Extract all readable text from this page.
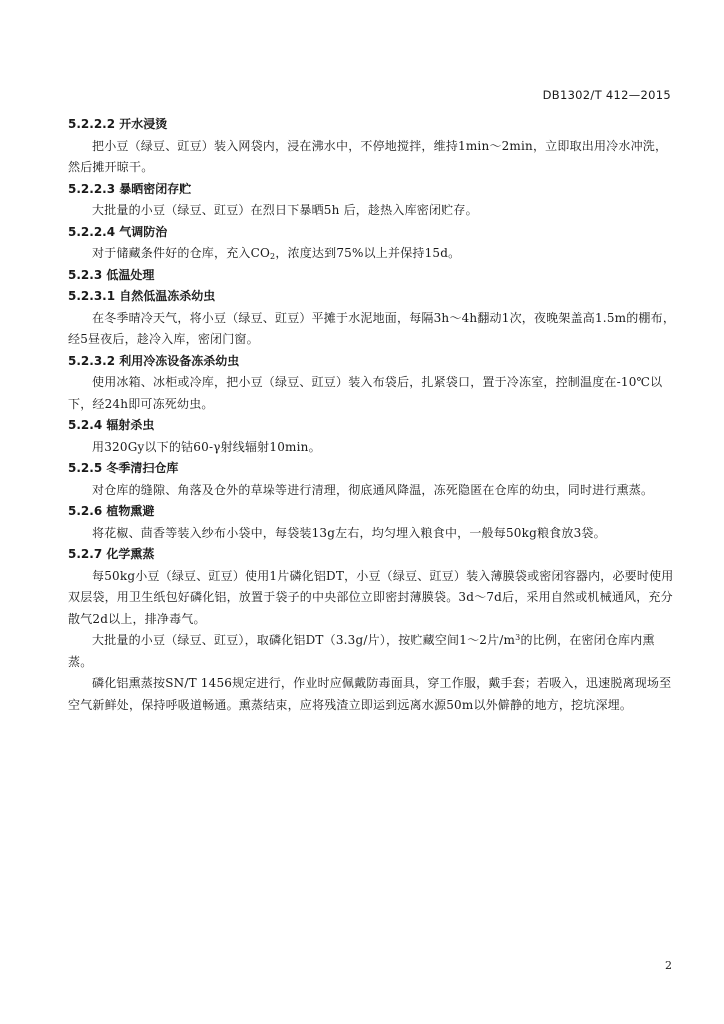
DB1302/T 412—2015

5.2.2.2 开水浸烫

把小豆（绿豆、豇豆）装入网袋内，浸在沸水中，不停地搅拌，维持1min～2min，立即取出用冷水冲洗，然后摊开晾干。

5.2.2.3 暴晒密闭存贮

大批量的小豆（绿豆、豇豆）在烈日下暴晒5h 后，趁热入库密闭贮存。

5.2.2.4 气调防治

对于储藏条件好的仓库，充入$CO_2$，浓度达到75%以上并保持15d。

5.2.3 低温处理

5.2.3.1 自然低温冻杀幼虫

在冬季晴冷天气，将小豆（绿豆、豇豆）平摊于水泥地面，每隔3h～4h翻动1次，夜晚架盖高1.5m的棚布，经5昼夜后，趁冷入库，密闭门窗。

5.2.3.2 利用冷冻设备冻杀幼虫

使用冰箱、冰柜或冷库，把小豆（绿豆、豇豆）装入布袋后，扎紧袋口，置于冷冻室，控制温度在-10℃以下，经24h即可冻死幼虫。

5.2.4 辐射杀虫

用320Gy以下的钴60-γ射线辐射10min。

5.2.5 冬季清扫仓库

对仓库的缝隙、角落及仓外的草垛等进行清理，彻底通风降温，冻死隐匿在仓库的幼虫，同时进行熏蒸。

5.2.6 植物熏避

将花椒、茴香等装入纱布小袋中，每袋装13g左右，均匀埋入粮食中，一般每50kg粮食放3袋。

5.2.7 化学熏蒸

每50kg小豆（绿豆、豇豆）使用1片磷化铝DT，小豆（绿豆、豇豆）装入薄膜袋或密闭容器内，必要时使用双层袋，用卫生纸包好磷化铝，放置于袋子的中央部位立即密封薄膜袋。3d～7d后，采用自然或机械通风，充分散气2d以上，排净毒气。

大批量的小豆（绿豆、豇豆），取磷化铝DT（3.3g/片），按贮藏空间1～2片$/m^3$的比例，在密闭仓库内熏蒸。

磷化铝熏蒸按SN/T 1456规定进行，作业时应佩戴防毒面具，穿工作服，戴手套；若吸入，迅速脱离现场至空气新鲜处，保持呼吸道畅通。熏蒸结束，应将残渣立即运到远离水源50m以外僻静的地方，挖坑深埋。

2
